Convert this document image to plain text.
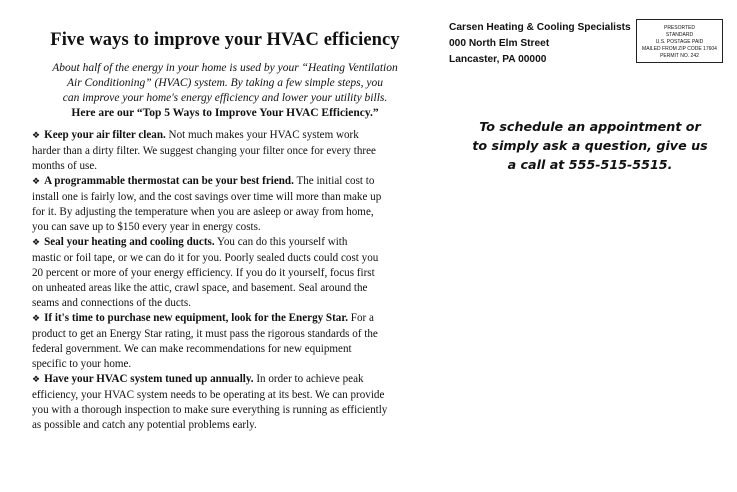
Five ways to improve your HVAC efficiency

About half of the energy in your home is used by your “Heating Ventilation
Air Conditioning” (HVAC) system. By taking a few simple steps, you
can improve your home's energy efficiency and lower your utility bills.

Here are our “Top 5 Ways to Improve Your HVAC Efficiency.”

❖ Keep your air filter clean. Not much makes your HVAC system work
harder than a dirty filter. We suggest changing your filter once for every three
months of use.

❖ A programmable thermostat can be your best friend. The initial cost to
install one is fairly low, and the cost savings over time will more than make up
for it. By adjusting the temperature when you are asleep or away from home,
you can save up to $150 every year in energy costs.

❖ Seal your heating and cooling ducts. You can do this yourself with
mastic or foil tape, or we can do it for you. Poorly sealed ducts could cost you
20 percent or more of your energy efficiency. If you do it yourself, focus first
on unheated areas like the attic, crawl space, and basement. Seal around the
seams and connections of the ducts.

❖ If it's time to purchase new equipment, look for the Energy Star. For a
product to get an Energy Star rating, it must pass the rigorous standards of the
federal government. We can make recommendations for new equipment
specific to your home.

❖ Have your HVAC system tuned up annually. In order to achieve peak
efficiency, your HVAC system needs to be operating at its best. We can provide
you with a thorough inspection to make sure everything is running as efficiently
as possible and catch any potential problems early.

Carsen Heating & Cooling Specialists
000 North Elm Street
Lancaster, PA 00000
PRESORTED
STANDARD
U.S. POSTAGE PAID
MAILED FROM ZIP CODE 17604
PERMIT NO. 242
To schedule an appointment or
to simply ask a question, give us
a call at 555-515-5515.
